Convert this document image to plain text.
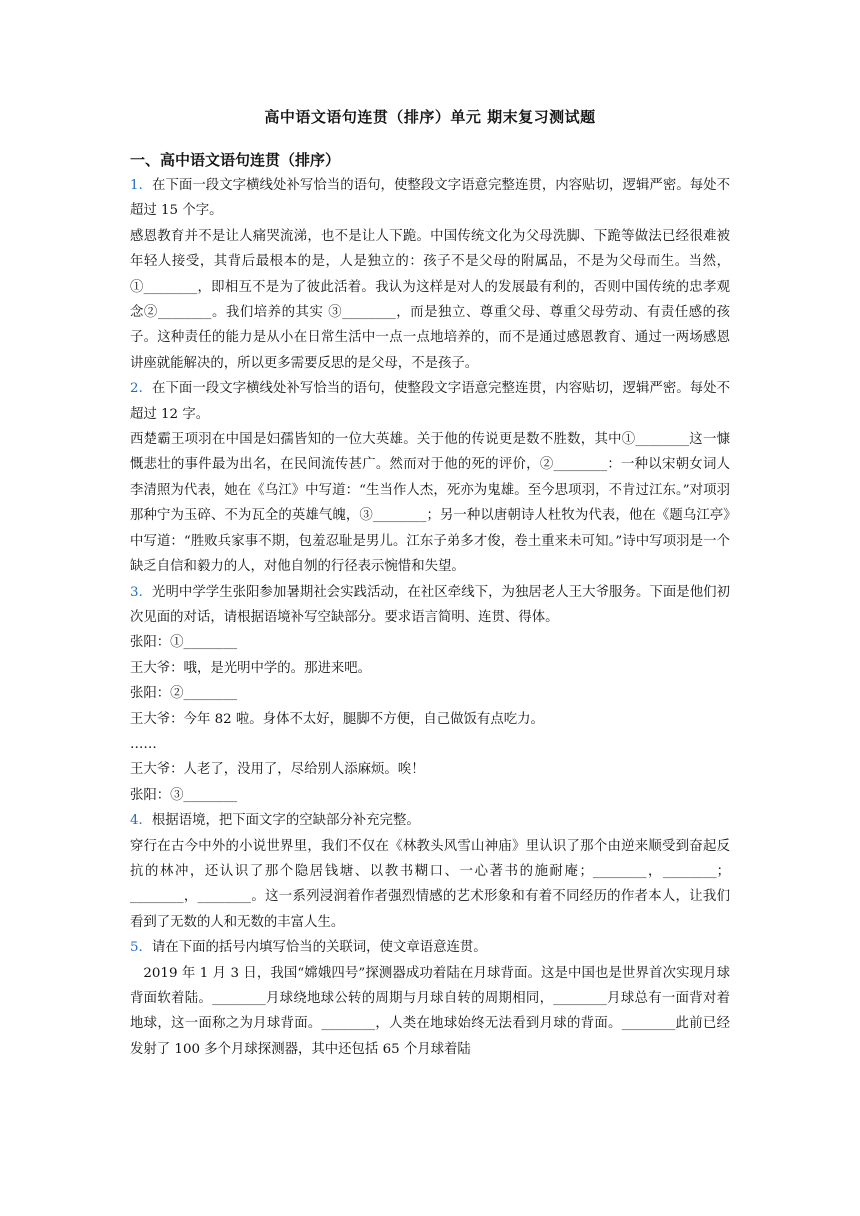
高中语文语句连贯（排序）单元 期末复习测试题
一、高中语文语句连贯（排序）

1．在下面一段文字横线处补写恰当的语句，使整段文字语意完整连贯，内容贴切，逻辑严密。每处不超过 15 个字。

感恩教育并不是让人痛哭流涕，也不是让人下跪。中国传统文化为父母洗脚、下跪等做法已经很难被年轻人接受，其背后最根本的是，人是独立的：孩子不是父母的附属品，不是为父母而生。当然，①________，即相互不是为了彼此活着。我认为这样是对人的发展最有利的，否则中国传统的忠孝观念②________。我们培养的其实 ③________，而是独立、尊重父母、尊重父母劳动、有责任感的孩子。这种责任的能力是从小在日常生活中一点一点地培养的，而不是通过感恩教育、通过一两场感恩讲座就能解决的，所以更多需要反思的是父母，不是孩子。

2．在下面一段文字横线处补写恰当的语句，使整段文字语意完整连贯，内容贴切，逻辑严密。每处不超过 12 字。

西楚霸王项羽在中国是妇孺皆知的一位大英雄。关于他的传说更是数不胜数，其中①________这一慷慨悲壮的事件最为出名，在民间流传甚广。然而对于他的死的评价，②________：一种以宋朝女词人李清照为代表，她在《乌江》中写道：“生当作人杰，死亦为鬼雄。至今思项羽，不肯过江东。”对项羽那种宁为玉碎、不为瓦全的英雄气魄，③________；另一种以唐朝诗人杜牧为代表，他在《题乌江亭》中写道：“胜败兵家事不期，包羞忍耻是男儿。江东子弟多才俊，卷土重来未可知。”诗中写项羽是一个缺乏自信和毅力的人，对他自刎的行径表示惋惜和失望。

3．光明中学学生张阳参加暑期社会实践活动，在社区牵线下，为独居老人王大爷服务。下面是他们初次见面的对话，请根据语境补写空缺部分。要求语言简明、连贯、得体。

张阳：①________

王大爷：哦，是光明中学的。那进来吧。

张阳：②________

王大爷：今年 82 啦。身体不太好，腿脚不方便，自己做饭有点吃力。

……

王大爷：人老了，没用了，尽给别人添麻烦。唉！

张阳：③________

4．根据语境，把下面文字的空缺部分补充完整。

穿行在古今中外的小说世界里，我们不仅在《林教头风雪山神庙》里认识了那个由逆来顺受到奋起反抗的林冲，还认识了那个隐居钱塘、以教书糊口、一心著书的施耐庵；________，________；________，________。这一系列浸润着作者强烈情感的艺术形象和有着不同经历的作者本人，让我们看到了无数的人和无数的丰富人生。

5．请在下面的括号内填写恰当的关联词，使文章语意连贯。

2019 年 1 月 3 日，我国“嫦娥四号”探测器成功着陆在月球背面。这是中国也是世界首次实现月球背面软着陆。________月球绕地球公转的周期与月球自转的周期相同，________月球总有一面背对着地球，这一面称之为月球背面。________，人类在地球始终无法看到月球的背面。________此前已经发射了 100 多个月球探测器，其中还包括 65 个月球着陆
